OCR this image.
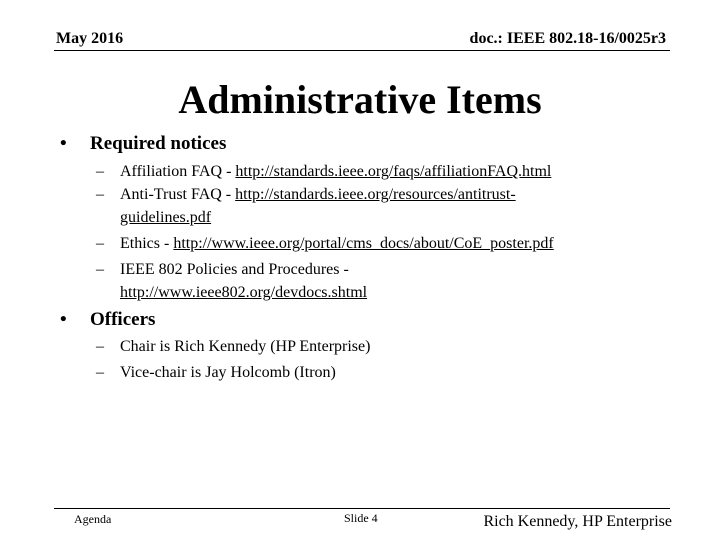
May 2016	doc.: IEEE 802.18-16/0025r3
Administrative Items
• Required notices
– Affiliation FAQ - http://standards.ieee.org/faqs/affiliationFAQ.html
– Anti-Trust FAQ - http://standards.ieee.org/resources/antitrust-
guidelines.pdf
– Ethics - http://www.ieee.org/portal/cms_docs/about/CoE_poster.pdf
– IEEE 802 Policies and Procedures -
http://www.ieee802.org/devdocs.shtml
• Officers
– Chair is Rich Kennedy (HP Enterprise)
– Vice-chair is Jay Holcomb (Itron)
Agenda	Slide 4	Rich Kennedy, HP Enterprise
